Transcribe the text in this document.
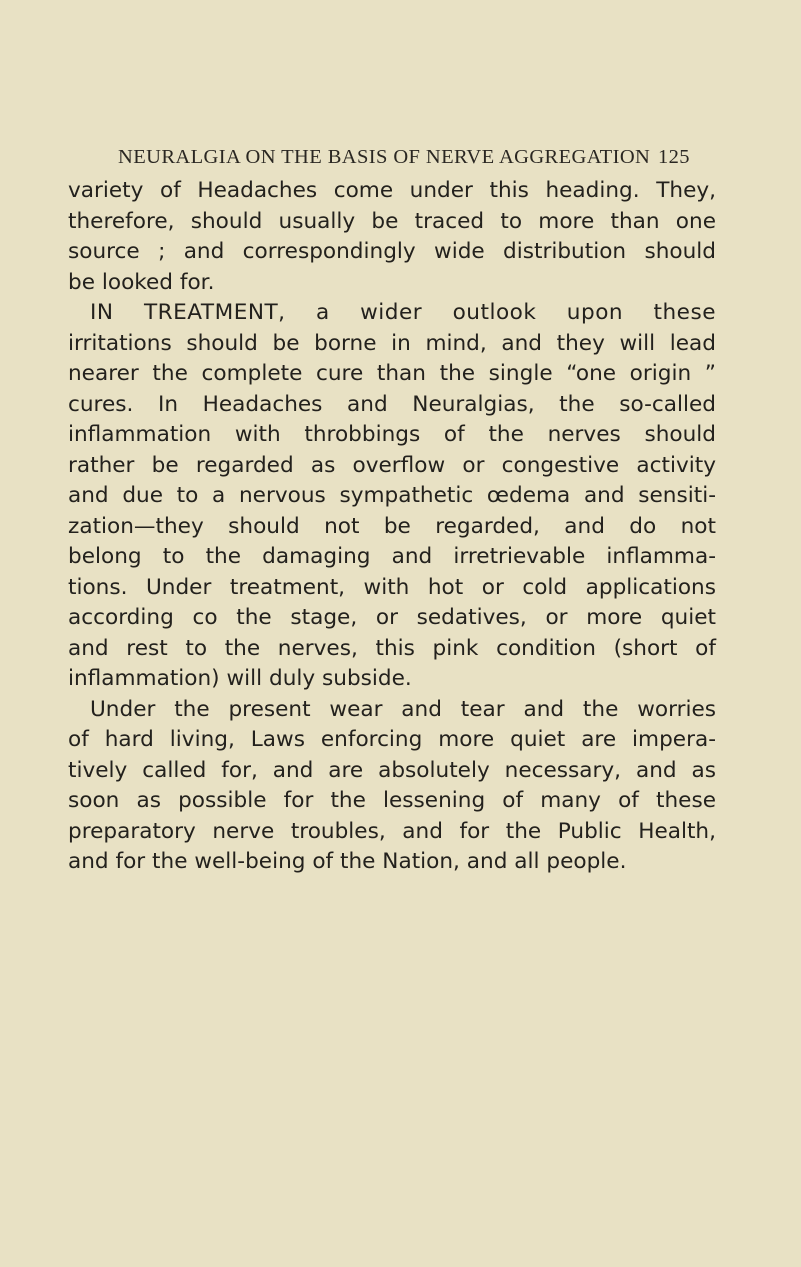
NEURALGIA ON THE BASIS OF NERVE AGGREGATION 125
variety of Headaches come under this heading. They,
therefore, should usually be traced to more than one
source ; and correspondingly wide distribution should
be looked for.
IN TREATMENT, a wider outlook upon these
irritations should be borne in mind, and they will lead
nearer the complete cure than the single “one origin ”
cures. In Headaches and Neuralgias, the so-called
inflammation with throbbings of the nerves should
rather be regarded as overflow or congestive activity
and due to a nervous sympathetic œdema and sensiti-
zation—they should not be regarded, and do not
belong to the damaging and irretrievable inflamma-
tions. Under treatment, with hot or cold applications
according co the stage, or sedatives, or more quiet
and rest to the nerves, this pink condition (short of
inflammation) will duly subside.
Under the present wear and tear and the worries
of hard living, Laws enforcing more quiet are impera-
tively called for, and are absolutely necessary, and as
soon as possible for the lessening of many of these
preparatory nerve troubles, and for the Public Health,
and for the well-being of the Nation, and all people.
